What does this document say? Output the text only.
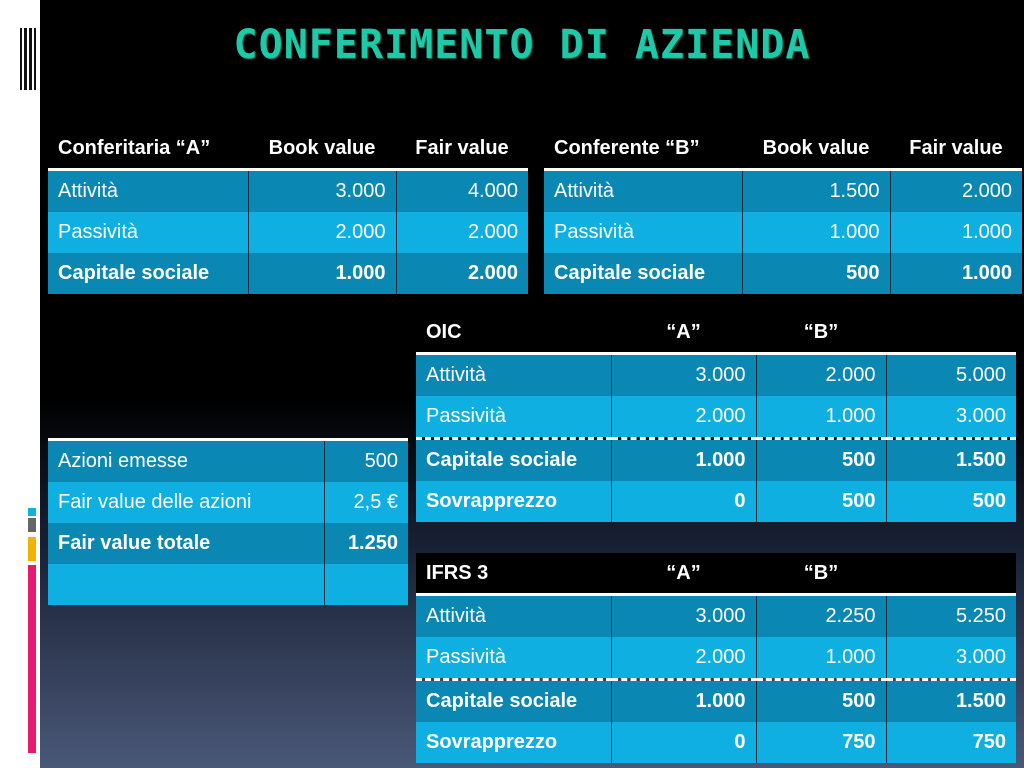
CONFERIMENTO DI AZIENDA
Conferitaria “A”	Book value	Fair value
Attività	3.000	4.000
Passività	2.000	2.000
Capitale sociale	1.000	2.000
Conferente “B”	Book value	Fair value
Attività	1.500	2.000
Passività	1.000	1.000
Capitale sociale	500	1.000
OIC	“A”	“B”	
Attività	3.000	2.000	5.000
Passività	2.000	1.000	3.000
Capitale sociale	1.000	500	1.500
Sovrapprezzo	0	500	500
Azioni emesse	500
Fair value delle azioni	2,5 €
Fair value totale	1.250

IFRS 3	“A”	“B”	
Attività	3.000	2.250	5.250
Passività	2.000	1.000	3.000
Capitale sociale	1.000	500	1.500
Sovrapprezzo	0	750	750
